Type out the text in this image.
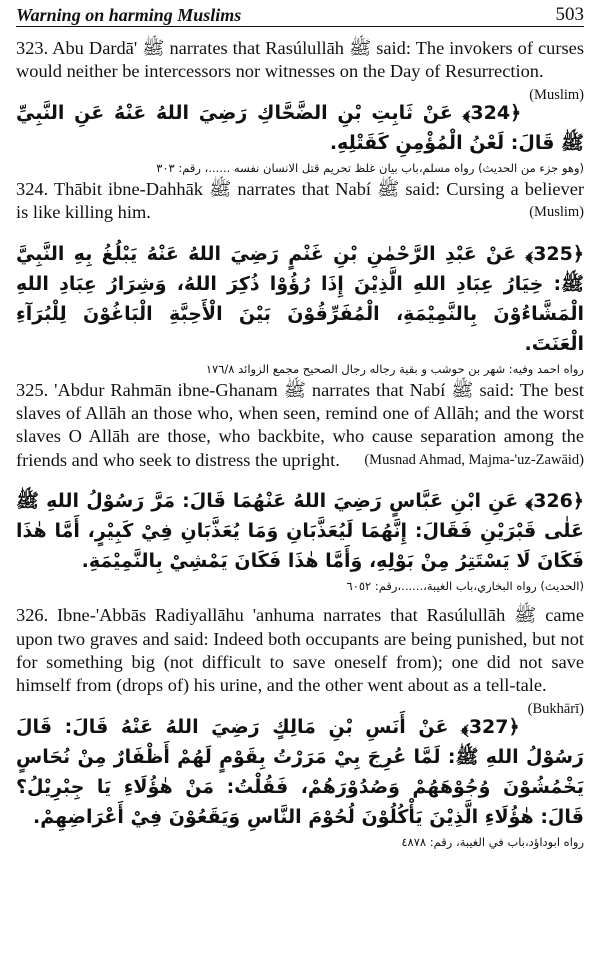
Warning on harming Muslims	503

323. Abu Dardā' ﷺ narrates that Rasúlullāh ﷺ said: The invokers of curses would neither be intercessors nor witnesses on the Day of Resurrection.
(Muslim)

﴿324﴾ عَنْ ثَابِتِ بْنِ الضَّحَّاكِ رَضِيَ اللهُ عَنْهُ عَنِ النَّبِيِّ ﷺ قَالَ: لَعْنُ الْمُؤْمِنِ كَقَتْلِهِ.

(وهو جزء من الحديث) رواه مسلم،باب بيان غلظ تحريم قتل الانسان نفسه ......، رقم: ٣٠٣

324. Thābit ibne-Dahhāk ﷺ narrates that Nabí ﷺ said: Cursing a believer is like killing him.	(Muslim)

﴿325﴾ عَنْ عَبْدِ الرَّحْمٰنِ بْنِ غَنْمٍ رَضِيَ اللهُ عَنْهُ يَبْلُغُ بِهِ النَّبِيَّ ﷺ: خِيَارُ عِبَادِ اللهِ الَّذِيْنَ إِذَا رُؤُوْا ذُكِرَ اللهُ، وَشِرَارُ عِبَادِ اللهِ الْمَشَّاءُوْنَ بِالنَّمِيْمَةِ، الْمُفَرِّقُوْنَ بَيْنَ الْأَحِبَّةِ الْبَاغُوْنَ لِلْبُرَآءِ الْعَنَتَ.

رواه احمد وفيه: شهر بن حوشب و بقية رجاله رجال الصحيح مجمع الزوائد ١٧٦/٨

325. 'Abdur Rahmān ibne-Ghanam ﷺ narrates that Nabí ﷺ said: The best slaves of Allāh an those who, when seen, remind one of Allāh; and the worst slaves O Allāh are those, who backbite, who cause separation among the friends and who seek to distress the upright. (Musnad Ahmad, Majma-'uz-Zawāid)

﴿326﴾ عَنِ ابْنِ عَبَّاسٍ رَضِيَ اللهُ عَنْهُمَا قَالَ: مَرَّ رَسُوْلُ اللهِ ﷺ عَلٰى قَبْرَيْنِ فَقَالَ: إِنَّهُمَا لَيُعَذَّبَانِ وَمَا يُعَذَّبَانِ فِيْ كَبِيْرٍ، أَمَّا هٰذَا فَكَانَ لَا يَسْتَتِرُ مِنْ بَوْلِهِ، وَأَمَّا هٰذَا فَكَانَ يَمْشِيْ بِالنَّمِيْمَةِ.

(الحديث) رواه البخاري،باب الغيبة،......،رقم: ٦٠٥٢

326. Ibne-'Abbās Radiyallāhu 'anhuma narrates that Rasúlullāh ﷺ came upon two graves and said: Indeed both occupants are being punished, but not for something big (not difficult to save oneself from); one did not save himself from (drops of) his urine, and the other went about as a tell-tale.
(Bukhārī)

﴿327﴾ عَنْ أَنَسِ بْنِ مَالِكٍ رَضِيَ اللهُ عَنْهُ قَالَ: قَالَ رَسُوْلُ اللهِ ﷺ: لَمَّا عُرِجَ بِيْ مَرَرْتُ بِقَوْمٍ لَهُمْ أَظْفَارٌ مِنْ نُحَاسٍ يَخْمُشُوْنَ وُجُوْهَهُمْ وَصُدُوْرَهُمْ، فَقُلْتُ: مَنْ هٰؤُلَاءِ يَا جِبْرِيْلُ؟ قَالَ: هٰؤُلَاءِ الَّذِيْنَ يَأْكُلُوْنَ لُحُوْمَ النَّاسِ وَيَقَعُوْنَ فِيْ أَعْرَاضِهِمْ.

رواه ابوداؤد،باب في الغيبة، رقم: ٤٨٧٨
